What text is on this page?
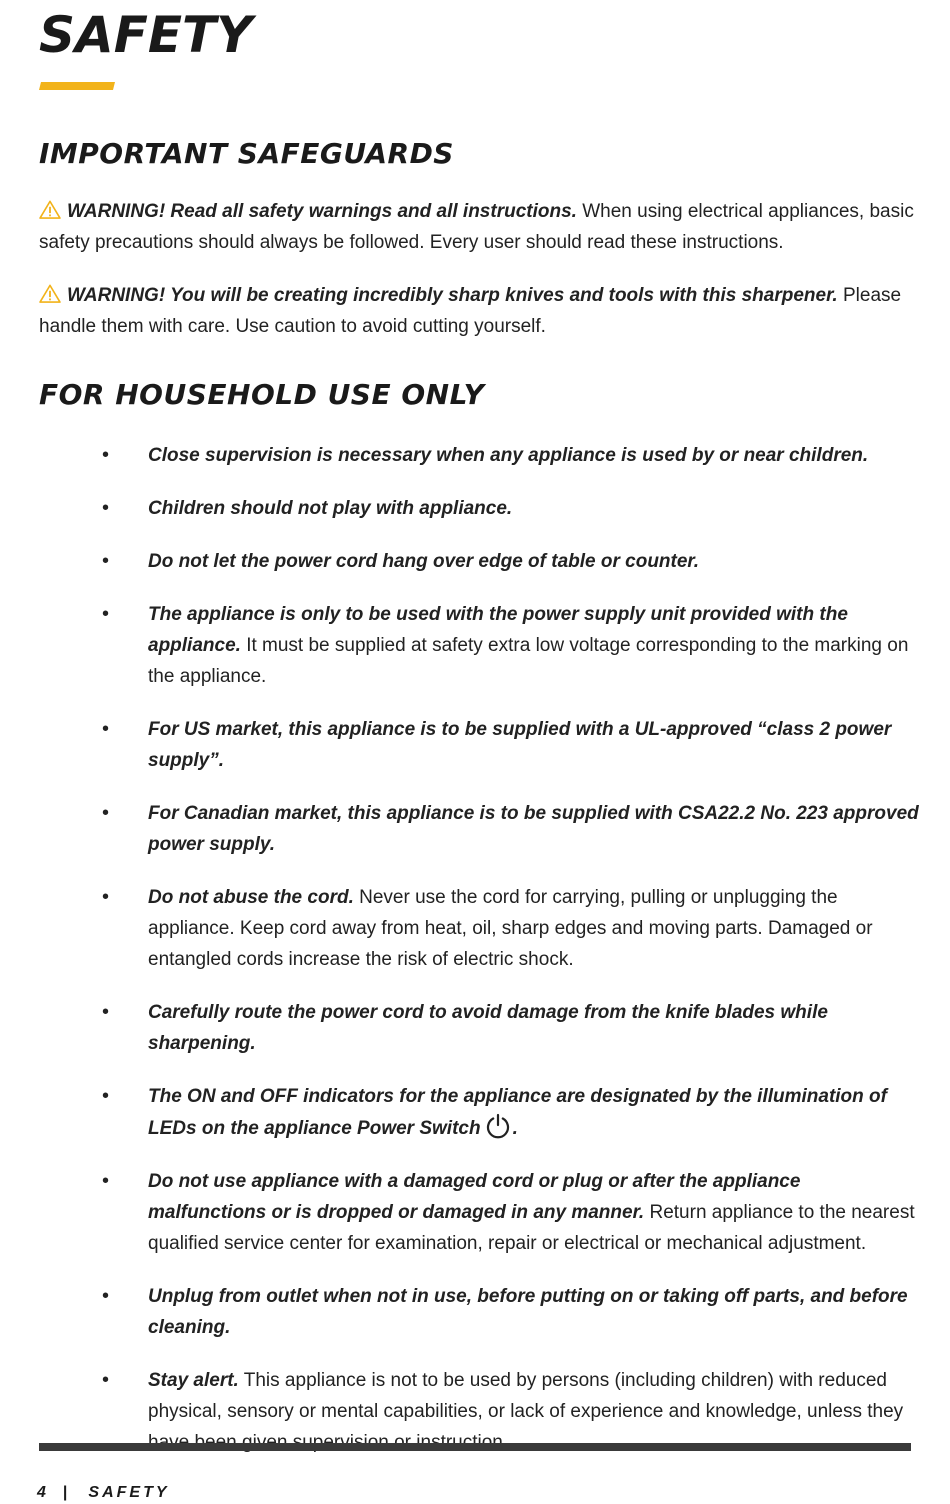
SAFETY
IMPORTANT SAFEGUARDS

WARNING! Read all safety warnings and all instructions. When using electrical appliances, basic safety precautions should always be followed. Every user should read these instructions.

WARNING! You will be creating incredibly sharp knives and tools with this sharpener. Please handle them with care. Use caution to avoid cutting yourself.

FOR HOUSEHOLD USE ONLY
• Close supervision is necessary when any appliance is used by or near children.
• Children should not play with appliance.
• Do not let the power cord hang over edge of table or counter.
• The appliance is only to be used with the power supply unit provided with the appliance. It must be supplied at safety extra low voltage corresponding to the marking on the appliance.
• For US market, this appliance is to be supplied with a UL-approved “class 2 power supply”.
• For Canadian market, this appliance is to be supplied with CSA22.2 No. 223 approved power supply.
• Do not abuse the cord. Never use the cord for carrying, pulling or unplugging the appliance. Keep cord away from heat, oil, sharp edges and moving parts. Damaged or entangled cords increase the risk of electric shock.
• Carefully route the power cord to avoid damage from the knife blades while sharpening.
• The ON and OFF indicators for the appliance are designated by the illumination of LEDs on the appliance Power Switch .
• Do not use appliance with a damaged cord or plug or after the appliance malfunctions or is dropped or damaged in any manner. Return appliance to the nearest qualified service center for examination, repair or electrical or mechanical adjustment.
• Unplug from outlet when not in use, before putting on or taking off parts, and before cleaning.
• Stay alert. This appliance is not to be used by persons (including children) with reduced physical, sensory or mental capabilities, or lack of experience and knowledge, unless they
4 | SAFETY
